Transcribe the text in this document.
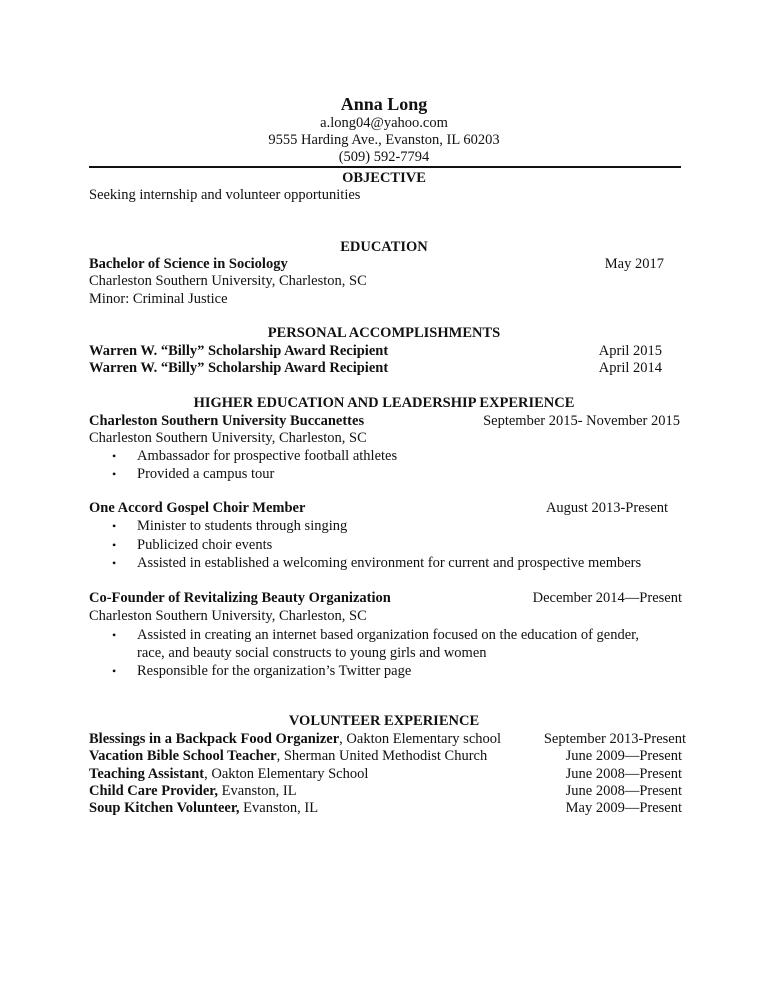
Anna Long
a.long04@yahoo.com
9555 Harding Ave., Evanston, IL 60203
(509) 592-7794
OBJECTIVE
Seeking internship and volunteer opportunities
EDUCATION
Bachelor of Science in Sociology	May 2017
Charleston Southern University, Charleston, SC
Minor: Criminal Justice
PERSONAL ACCOMPLISHMENTS
Warren W. “Billy” Scholarship Award Recipient	April 2015
Warren W. “Billy” Scholarship Award Recipient	April 2014
HIGHER EDUCATION AND LEADERSHIP EXPERIENCE
Charleston Southern University Buccanettes	September 2015- November 2015
Charleston Southern University, Charleston, SC
• Ambassador for prospective football athletes
• Provided a campus tour
One Accord Gospel Choir Member	August 2013-Present
• Minister to students through singing
• Publicized choir events
• Assisted in established a welcoming environment for current and prospective members
Co-Founder of Revitalizing Beauty Organization	December 2014—Present
Charleston Southern University, Charleston, SC
• Assisted in creating an internet based organization focused on the education of gender,
race, and beauty social constructs to young girls and women
• Responsible for the organization’s Twitter page
VOLUNTEER EXPERIENCE
Blessings in a Backpack Food Organizer, Oakton Elementary school	September 2013-Present
Vacation Bible School Teacher, Sherman United Methodist Church	June 2009—Present
Teaching Assistant, Oakton Elementary School	June 2008—Present
Child Care Provider, Evanston, IL	June 2008—Present
Soup Kitchen Volunteer, Evanston, IL	May 2009—Present
